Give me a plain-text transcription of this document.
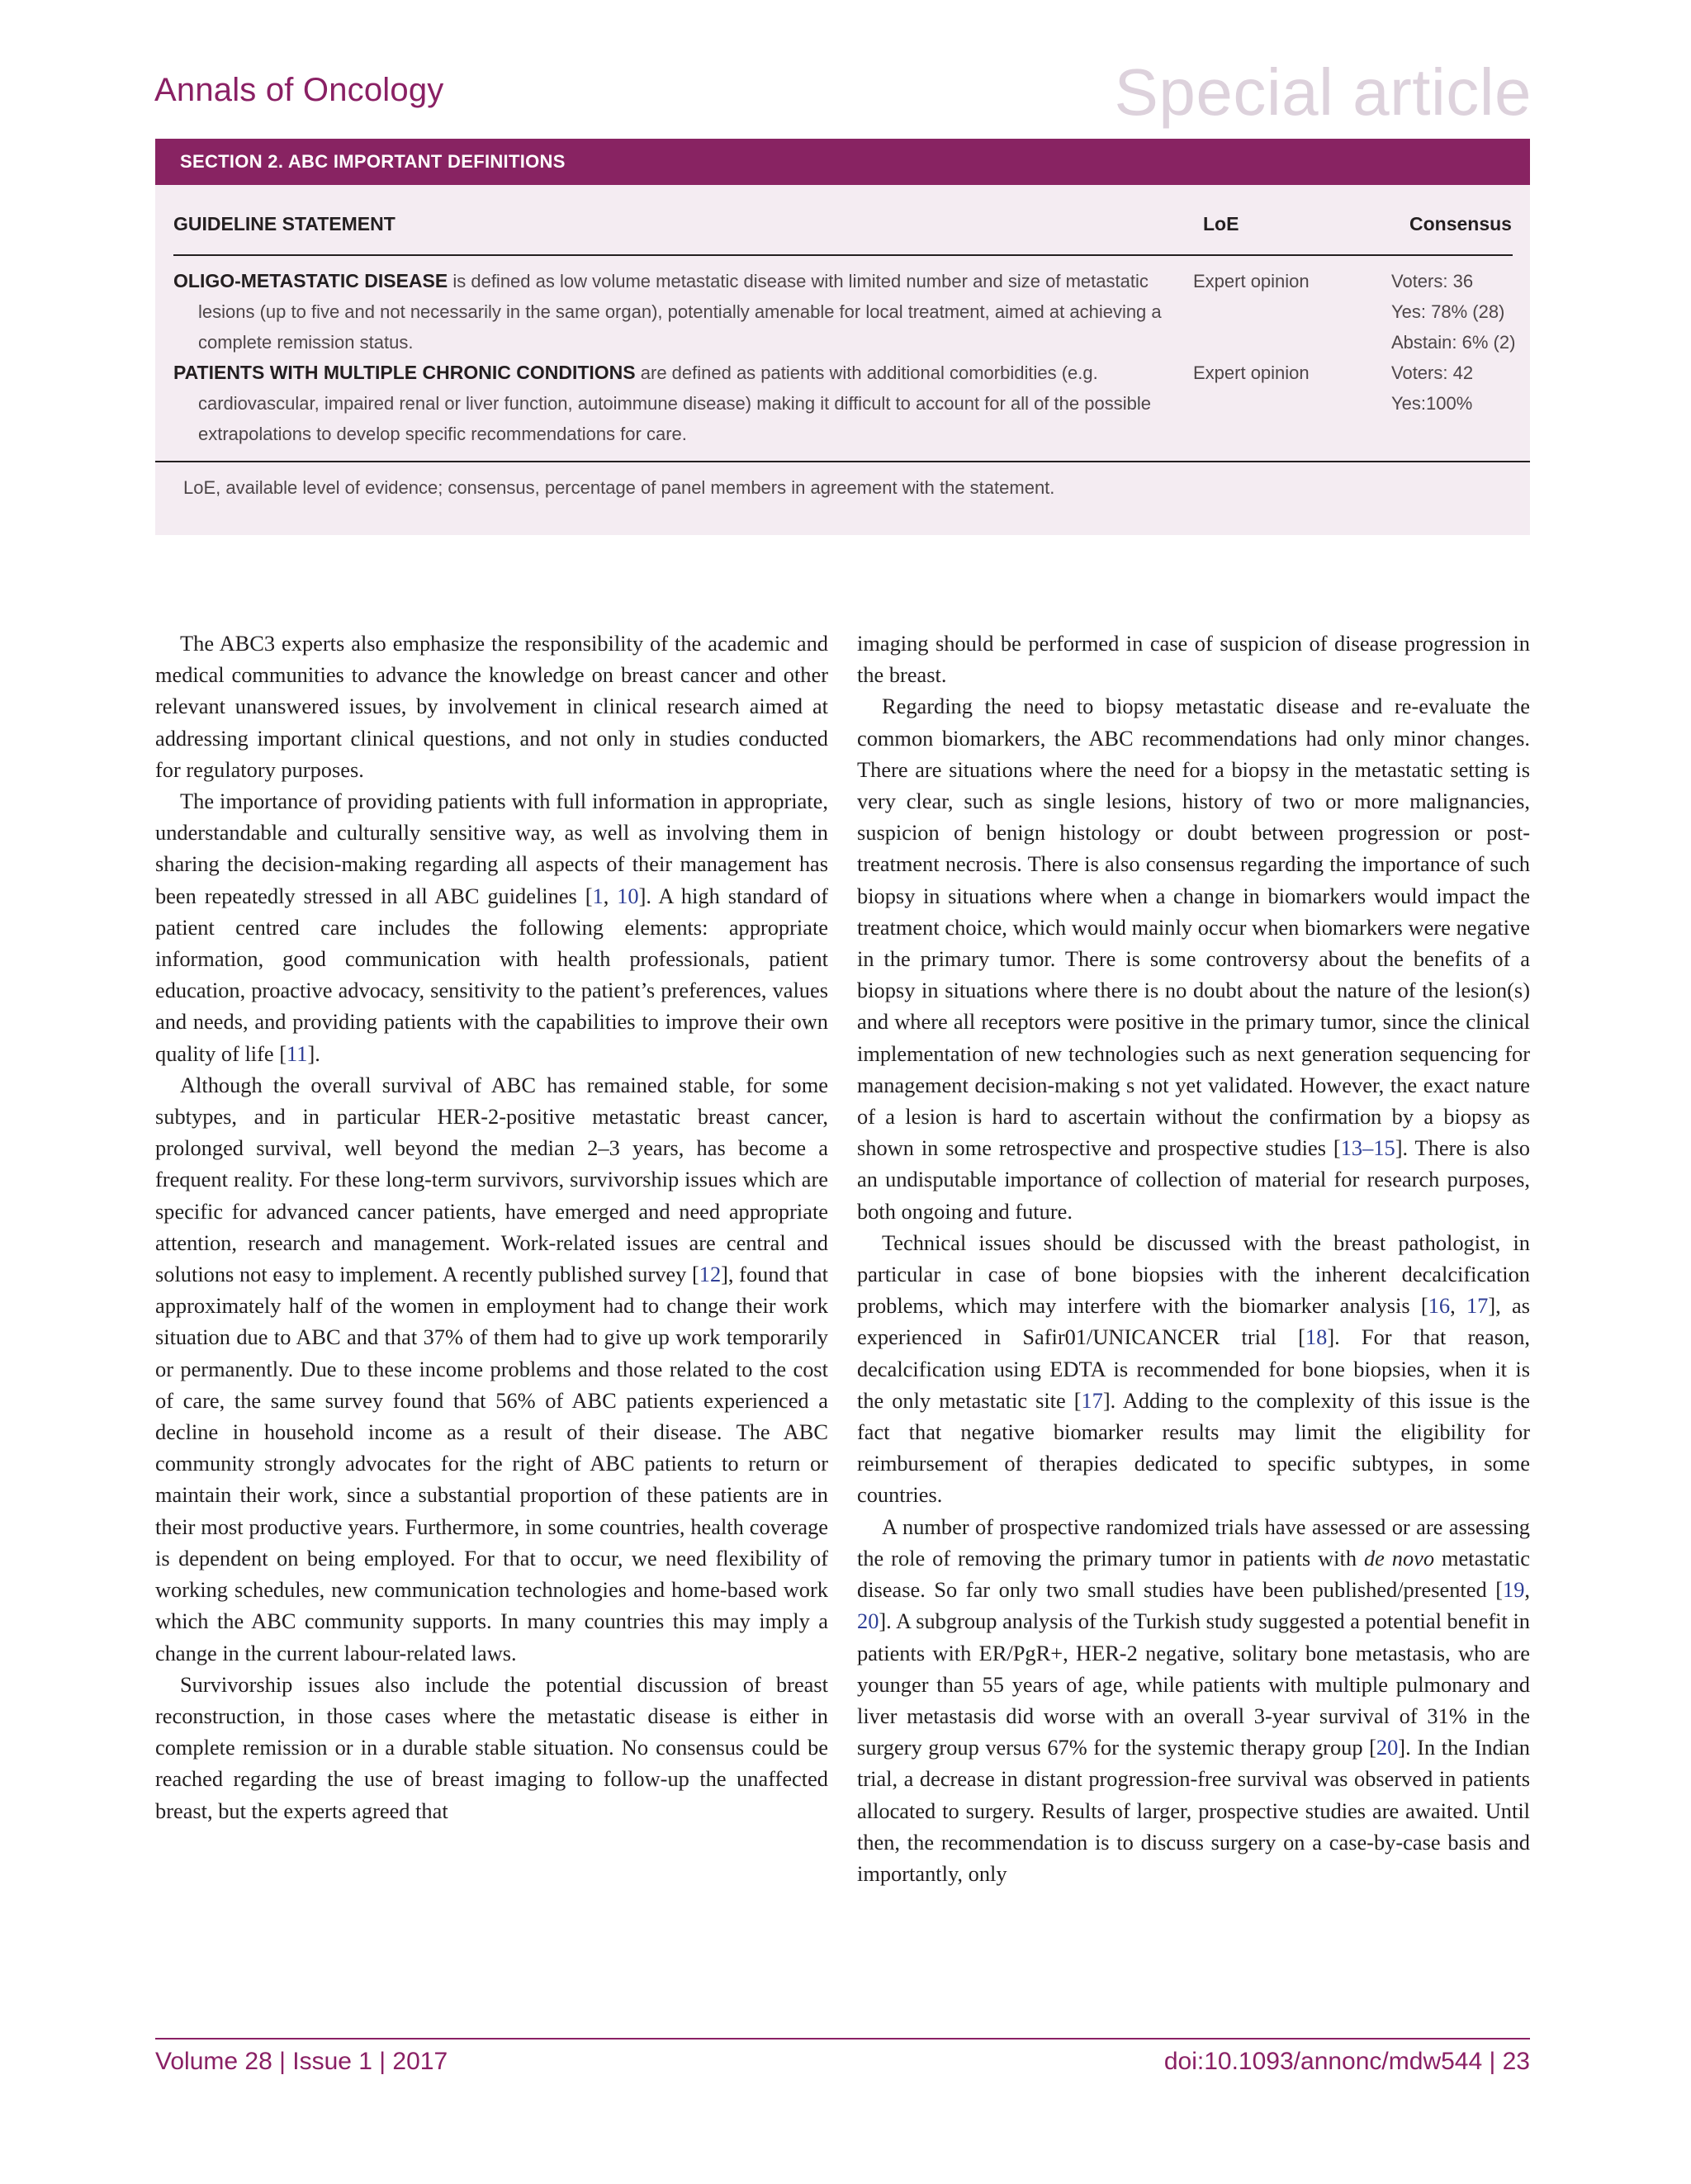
Annals of Oncology	Special article
SECTION 2. ABC IMPORTANT DEFINITIONS
GUIDELINE STATEMENT	LoE	Consensus
OLIGO-METASTATIC DISEASE is defined as low volume metastatic disease with limited number and size of metastatic lesions (up to five and not necessarily in the same organ), potentially amenable for local treatment, aimed at achieving a complete remission status.
Expert opinion	Voters: 36
Yes: 78% (28)
Abstain: 6% (2)
PATIENTS WITH MULTIPLE CHRONIC CONDITIONS are defined as patients with additional comorbidities (e.g. cardiovascular, impaired renal or liver function, autoimmune disease) making it difficult to account for all of the possible extrapolations to develop specific recommendations for care.
Expert opinion	Voters: 42
Yes:100%
LoE, available level of evidence; consensus, percentage of panel members in agreement with the statement.

The ABC3 experts also emphasize the responsibility of the academic and medical communities to advance the knowledge on breast cancer and other relevant unanswered issues, by involvement in clinical research aimed at addressing important clinical questions, and not only in studies conducted for regulatory purposes.

The importance of providing patients with full information in appropriate, understandable and culturally sensitive way, as well as involving them in sharing the decision-making regarding all aspects of their management has been repeatedly stressed in all ABC guidelines [1, 10]. A high standard of patient centred care includes the following elements: appropriate information, good communication with health professionals, patient education, proactive advocacy, sensitivity to the patient’s preferences, values and needs, and providing patients with the capabilities to improve their own quality of life [11].

Although the overall survival of ABC has remained stable, for some subtypes, and in particular HER-2-positive metastatic breast cancer, prolonged survival, well beyond the median 2–3 years, has become a frequent reality. For these long-term survivors, survivorship issues which are specific for advanced cancer patients, have emerged and need appropriate attention, research and management. Work-related issues are central and solutions not easy to implement. A recently published survey [12], found that approximately half of the women in employment had to change their work situation due to ABC and that 37% of them had to give up work temporarily or permanently. Due to these income problems and those related to the cost of care, the same survey found that 56% of ABC patients experienced a decline in household income as a result of their disease. The ABC community strongly advocates for the right of ABC patients to return or maintain their work, since a substantial proportion of these patients are in their most productive years. Furthermore, in some countries, health coverage is dependent on being employed. For that to occur, we need flexibility of working schedules, new communication technologies and home-based work which the ABC community supports. In many countries this may imply a change in the current labour-related laws.

Survivorship issues also include the potential discussion of breast reconstruction, in those cases where the metastatic disease is either in complete remission or in a durable stable situation. No consensus could be reached regarding the use of breast imaging to follow-up the unaffected breast, but the experts agreed that

imaging should be performed in case of suspicion of disease progression in the breast.

Regarding the need to biopsy metastatic disease and re-evaluate the common biomarkers, the ABC recommendations had only minor changes. There are situations where the need for a biopsy in the metastatic setting is very clear, such as single lesions, history of two or more malignancies, suspicion of benign histology or doubt between progression or post-treatment necrosis. There is also consensus regarding the importance of such biopsy in situations where when a change in biomarkers would impact the treatment choice, which would mainly occur when biomarkers were negative in the primary tumor. There is some controversy about the benefits of a biopsy in situations where there is no doubt about the nature of the lesion(s) and where all receptors were positive in the primary tumor, since the clinical implementation of new technologies such as next generation sequencing for management decision-making s not yet validated. However, the exact nature of a lesion is hard to ascertain without the confirmation by a biopsy as shown in some retrospective and prospective studies [13–15]. There is also an undisputable importance of collection of material for research purposes, both ongoing and future.

Technical issues should be discussed with the breast pathologist, in particular in case of bone biopsies with the inherent decalcification problems, which may interfere with the biomarker analysis [16, 17], as experienced in Safir01/UNICANCER trial [18]. For that reason, decalcification using EDTA is recommended for bone biopsies, when it is the only metastatic site [17]. Adding to the complexity of this issue is the fact that negative biomarker results may limit the eligibility for reimbursement of therapies dedicated to specific subtypes, in some countries.

A number of prospective randomized trials have assessed or are assessing the role of removing the primary tumor in patients with de novo metastatic disease. So far only two small studies have been published/presented [19, 20]. A subgroup analysis of the Turkish study suggested a potential benefit in patients with ER/PgR+, HER-2 negative, solitary bone metastasis, who are younger than 55 years of age, while patients with multiple pulmonary and liver metastasis did worse with an overall 3-year survival of 31% in the surgery group versus 67% for the systemic therapy group [20]. In the Indian trial, a decrease in distant progression-free survival was observed in patients allocated to surgery. Results of larger, prospective studies are awaited. Until then, the recommendation is to discuss surgery on a case-by-case basis and importantly, only

Volume 28 | Issue 1 | 2017	doi:10.1093/annonc/mdw544 | 23
